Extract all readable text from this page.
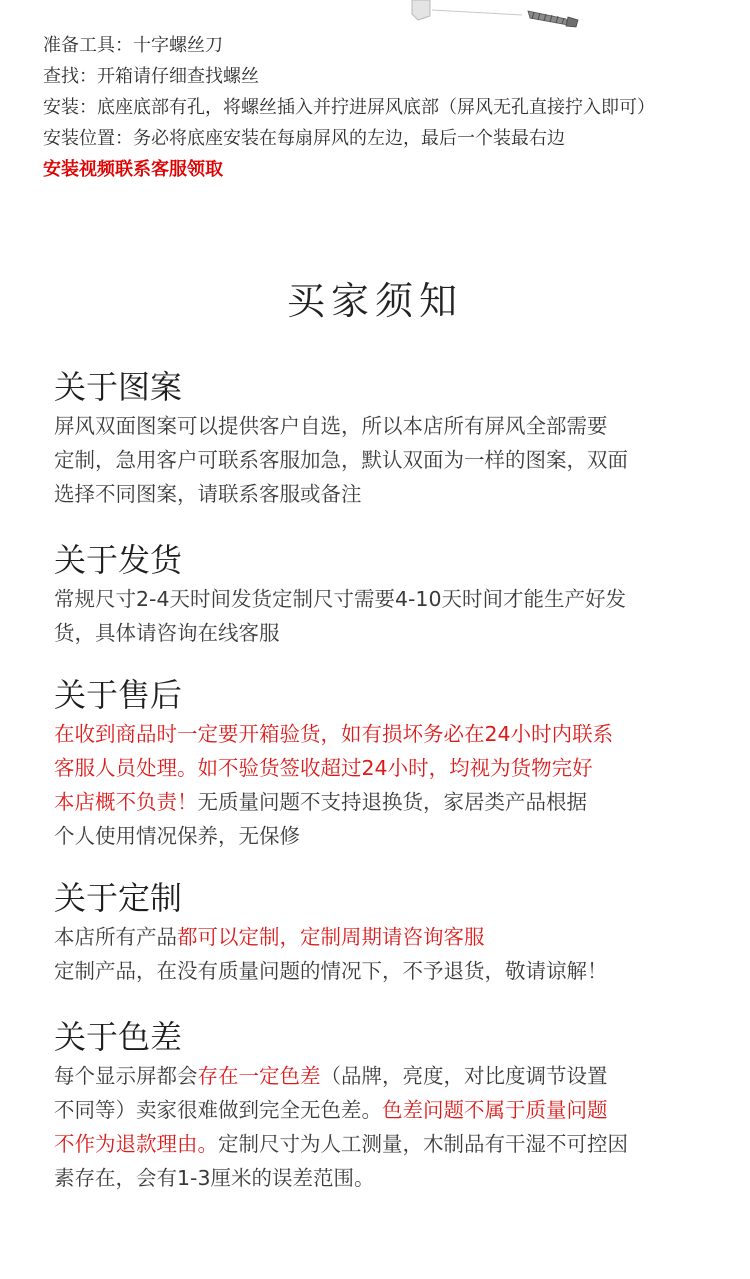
准备工具：十字螺丝刀
查找：开箱请仔细查找螺丝
安装：底座底部有孔，将螺丝插入并拧进屏风底部（屏风无孔直接拧入即可）
安装位置：务必将底座安装在每扇屏风的左边，最后一个装最右边
安装视频联系客服领取
买家须知
关于图案

屏风双面图案可以提供客户自选，所以本店所有屏风全部需要

定制，急用客户可联系客服加急，默认双面为一样的图案，双面

选择不同图案，请联系客服或备注

关于发货

常规尺寸2-4天时间发货定制尺寸需要4-10天时间才能生产好发

货，具体请咨询在线客服

关于售后

在收到商品时一定要开箱验货，如有损坏务必在24小时内联系

客服人员处理。如不验货签收超过24小时，均视为货物完好

本店概不负责！无质量问题不支持退换货，家居类产品根据

个人使用情况保养，无保修

关于定制

本店所有产品都可以定制，定制周期请咨询客服

定制产品，在没有质量问题的情况下，不予退货，敬请谅解！

关于色差

每个显示屏都会存在一定色差（品牌，亮度，对比度调节设置

不同等）卖家很难做到完全无色差。色差问题不属于质量问题

不作为退款理由。定制尺寸为人工测量，木制品有干湿不可控因

素存在，会有1-3厘米的误差范围。
